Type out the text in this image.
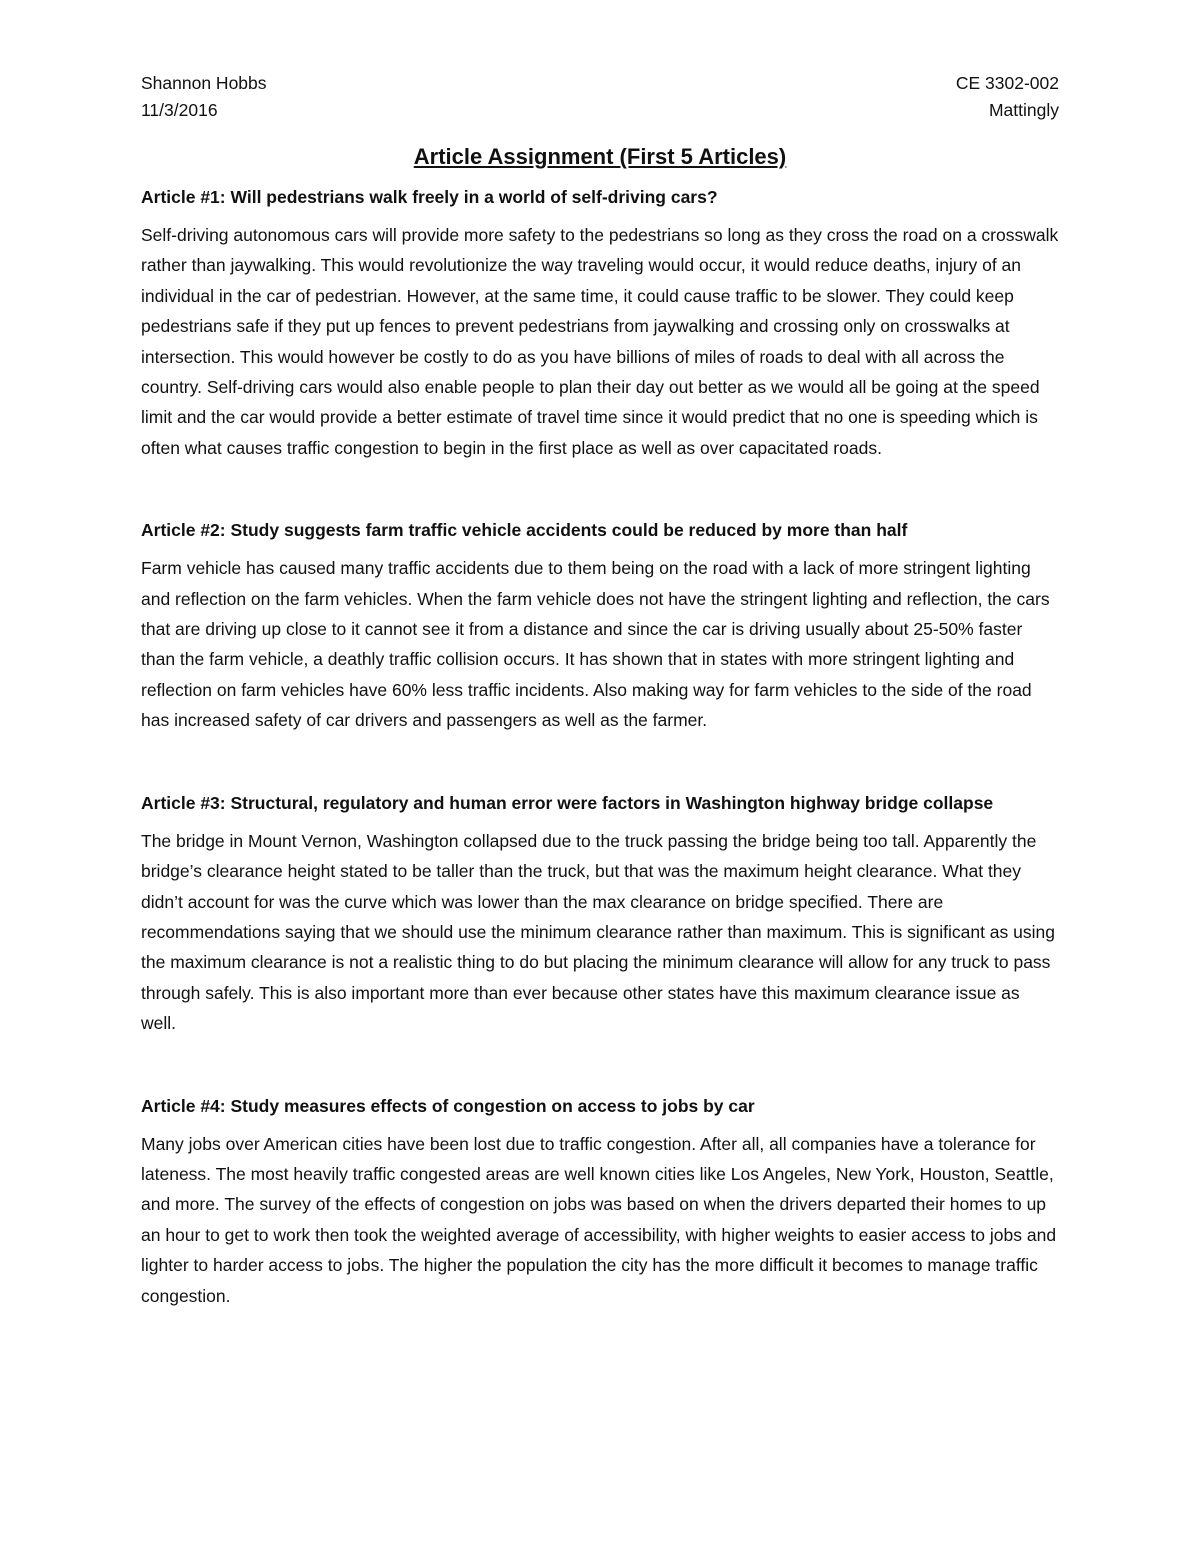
Shannon Hobbs
11/3/2016
CE 3302-002
Mattingly
Article Assignment (First 5 Articles)

Article #1: Will pedestrians walk freely in a world of self-driving cars?

Self-driving autonomous cars will provide more safety to the pedestrians so long as they cross the road on a crosswalk rather than jaywalking. This would revolutionize the way traveling would occur, it would reduce deaths, injury of an individual in the car of pedestrian. However, at the same time, it could cause traffic to be slower. They could keep pedestrians safe if they put up fences to prevent pedestrians from jaywalking and crossing only on crosswalks at intersection. This would however be costly to do as you have billions of miles of roads to deal with all across the country. Self-driving cars would also enable people to plan their day out better as we would all be going at the speed limit and the car would provide a better estimate of travel time since it would predict that no one is speeding which is often what causes traffic congestion to begin in the first place as well as over capacitated roads.

Article #2: Study suggests farm traffic vehicle accidents could be reduced by more than half

Farm vehicle has caused many traffic accidents due to them being on the road with a lack of more stringent lighting and reflection on the farm vehicles. When the farm vehicle does not have the stringent lighting and reflection, the cars that are driving up close to it cannot see it from a distance and since the car is driving usually about 25-50% faster than the farm vehicle, a deathly traffic collision occurs. It has shown that in states with more stringent lighting and reflection on farm vehicles have 60% less traffic incidents. Also making way for farm vehicles to the side of the road has increased safety of car drivers and passengers as well as the farmer.

Article #3: Structural, regulatory and human error were factors in Washington highway bridge collapse

The bridge in Mount Vernon, Washington collapsed due to the truck passing the bridge being too tall. Apparently the bridge’s clearance height stated to be taller than the truck, but that was the maximum height clearance. What they didn’t account for was the curve which was lower than the max clearance on bridge specified. There are recommendations saying that we should use the minimum clearance rather than maximum. This is significant as using the maximum clearance is not a realistic thing to do but placing the minimum clearance will allow for any truck to pass through safely. This is also important more than ever because other states have this maximum clearance issue as well.

Article #4: Study measures effects of congestion on access to jobs by car

Many jobs over American cities have been lost due to traffic congestion. After all, all companies have a tolerance for lateness. The most heavily traffic congested areas are well known cities like Los Angeles, New York, Houston, Seattle, and more. The survey of the effects of congestion on jobs was based on when the drivers departed their homes to up an hour to get to work then took the weighted average of accessibility, with higher weights to easier access to jobs and lighter to harder access to jobs. The higher the population the city has the more difficult it becomes to manage traffic congestion.
